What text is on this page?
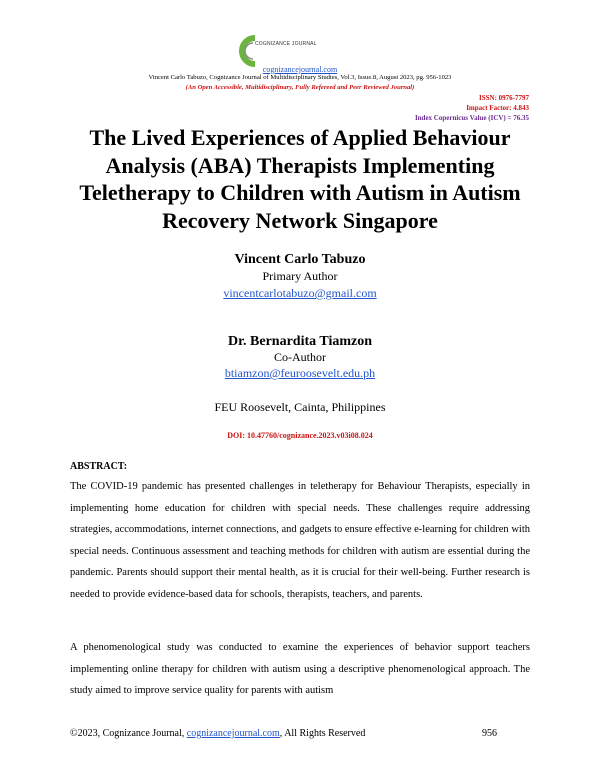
COGNIZANCE JOURNAL
cognizancejournal.com
Vincent Carlo Tabuzo, Cognizance Journal of Multidisciplinary Studies, Vol.3, Issue.8, August 2023, pg. 956-1023
(An Open Accessible, Multidisciplinary, Fully Refereed and Peer Reviewed Journal)
ISSN: 0976-7797
Impact Factor: 4.843
Index Copernicus Value (ICV) = 76.35
The Lived Experiences of Applied Behaviour Analysis (ABA) Therapists Implementing Teletherapy to Children with Autism in Autism Recovery Network Singapore
Vincent Carlo Tabuzo
Primary Author
vincentcarlotabuzo@gmail.com
Dr. Bernardita Tiamzon
Co-Author
btiamzon@feuroosevelt.edu.ph
FEU Roosevelt, Cainta, Philippines
DOI: 10.47760/cognizance.2023.v03i08.024
ABSTRACT:

The COVID-19 pandemic has presented challenges in teletherapy for Behaviour Therapists, especially in implementing home education for children with special needs. These challenges require addressing strategies, accommodations, internet connections, and gadgets to ensure effective e-learning for children with special needs. Continuous assessment and teaching methods for children with autism are essential during the pandemic. Parents should support their mental health, as it is crucial for their well-being. Further research is needed to provide evidence-based data for schools, therapists, teachers, and parents.

A phenomenological study was conducted to examine the experiences of behavior support teachers implementing online therapy for children with autism using a descriptive phenomenological approach. The study aimed to improve service quality for parents with autism

©2023, Cognizance Journal, cognizancejournal.com, All Rights Reserved	956
